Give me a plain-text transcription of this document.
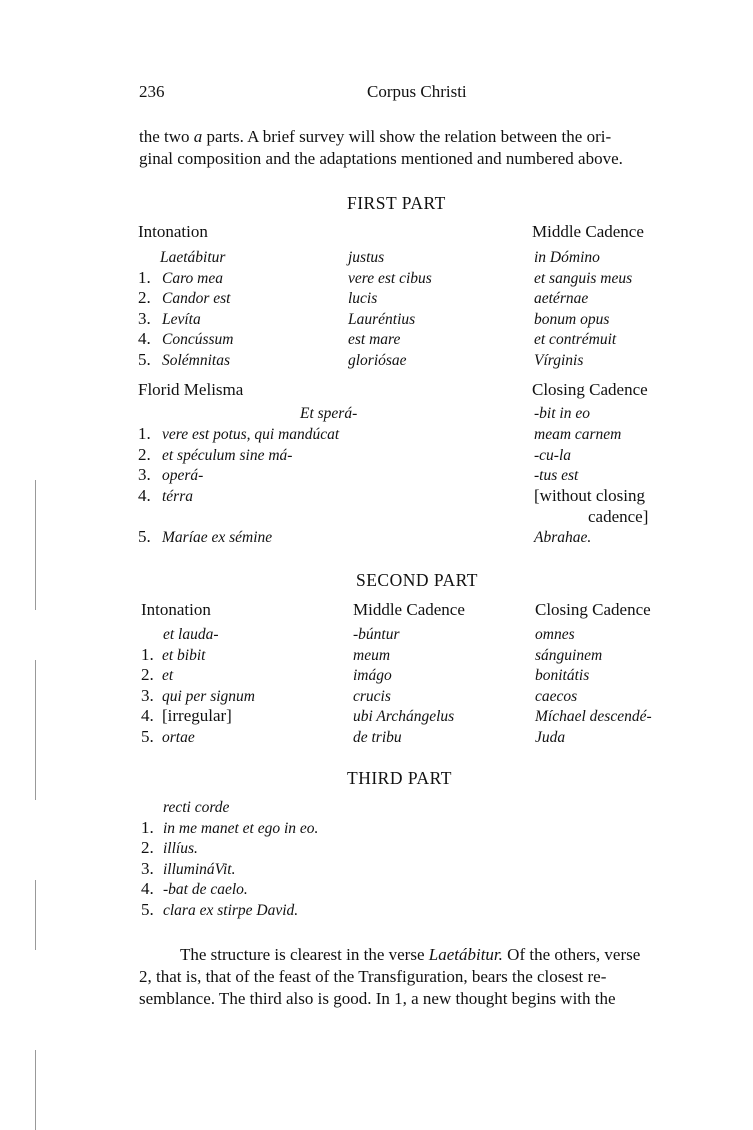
236	Corpus Christi
the two a parts. A brief survey will show the relation between the ori-
ginal composition and the adaptations mentioned and numbered above.
FIRST PART
Intonation	Middle Cadence
Laetábitur	justus	in Dómino
1. Caro mea	vere est cibus	et sanguis meus
2. Candor est	lucis	aetérnae
3. Levíta	Lauréntius	bonum opus
4. Concússum	est mare	et contrémuit
5. Solémnitas	gloriósae	Vírginis
Florid Melisma	Closing Cadence
Et sperá-	-bit in eo
1. vere est potus, qui mandúcat	meam carnem
2. et spéculum sine má-	-cu-la
3. operá-	-tus est
4. térra	[without closing
cadence]
5. Maríae ex sémine	Abrahae.
SECOND PART
Intonation	Middle Cadence	Closing Cadence
et lauda-	-búntur	omnes
1. et bibit	meum	sánguinem
2. et	imágo	bonitátis
3. qui per signum	crucis	caecos
4. [irregular]	ubi Archángelus	Míchael descendé-
5. ortae	de tribu	Juda
THIRD PART
recti corde
1. in me manet et ego in eo.
2. illíus.
3. illumináVit.
4. -bat de caelo.
5. clara ex stirpe David.
The structure is clearest in the verse Laetábitur. Of the others, verse
2, that is, that of the feast of the Transfiguration, bears the closest re-
semblance. The third also is good. In 1, a new thought begins with the
